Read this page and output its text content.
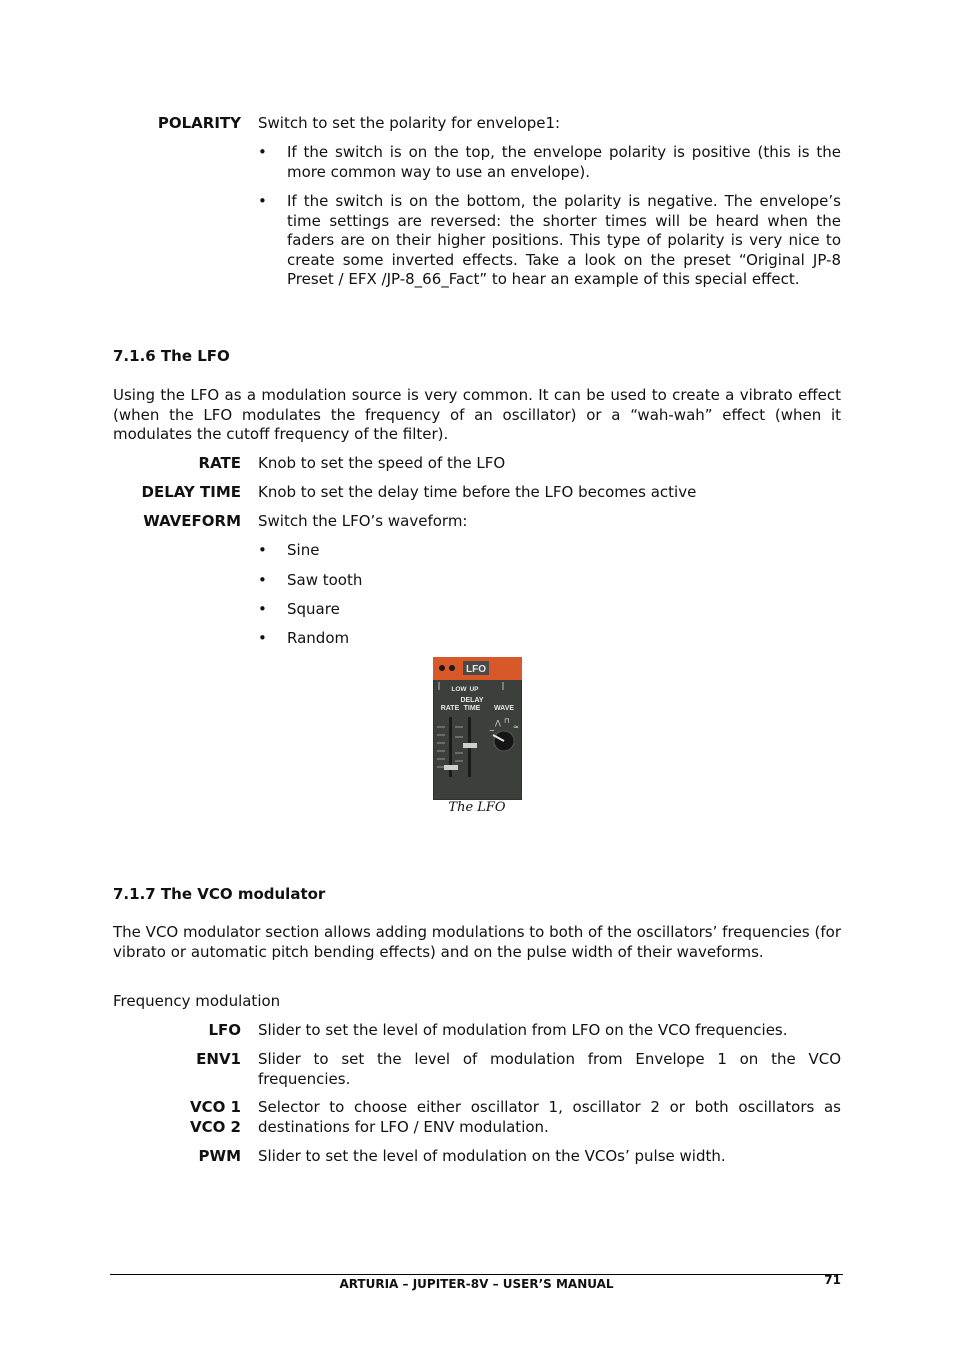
POLARITY Switch to set the polarity for envelope1:
• If the switch is on the top, the envelope polarity is positive (this is the more common way to use an envelope).
• If the switch is on the bottom, the polarity is negative. The envelope’s time settings are reversed: the shorter times will be heard when the faders are on their higher positions. This type of polarity is very nice to create some inverted effects. Take a look on the preset “Original JP-8 Preset / EFX /JP-8_66_Fact” to hear an example of this special effect.
7.1.6 The LFO
Using the LFO as a modulation source is very common. It can be used to create a vibrato effect (when the LFO modulates the frequency of an oscillator) or a “wah-wah” effect (when it modulates the cutoff frequency of the filter).
RATE Knob to set the speed of the LFO
DELAY TIME Knob to set the delay time before the LFO becomes active
WAVEFORM Switch the LFO’s waveform:
• Sine
• Saw tooth
• Square
• Random
LFO
LOW UP
DELAY
RATE TIME WAVE
~
⋀ ⊓
≈
The LFO
7.1.7 The VCO modulator
The VCO modulator section allows adding modulations to both of the oscillators’ frequencies (for vibrato or automatic pitch bending effects) and on the pulse width of their waveforms.
Frequency modulation
LFO Slider to set the level of modulation from LFO on the VCO frequencies.
ENV1 Slider to set the level of modulation from Envelope 1 on the VCO frequencies.
VCO 1
VCO 2
Selector to choose either oscillator 1, oscillator 2 or both oscillators as destinations for LFO / ENV modulation.
PWM Slider to set the level of modulation on the VCOs’ pulse width.
ARTURIA – JUPITER-8V – USER’S MANUAL	71
